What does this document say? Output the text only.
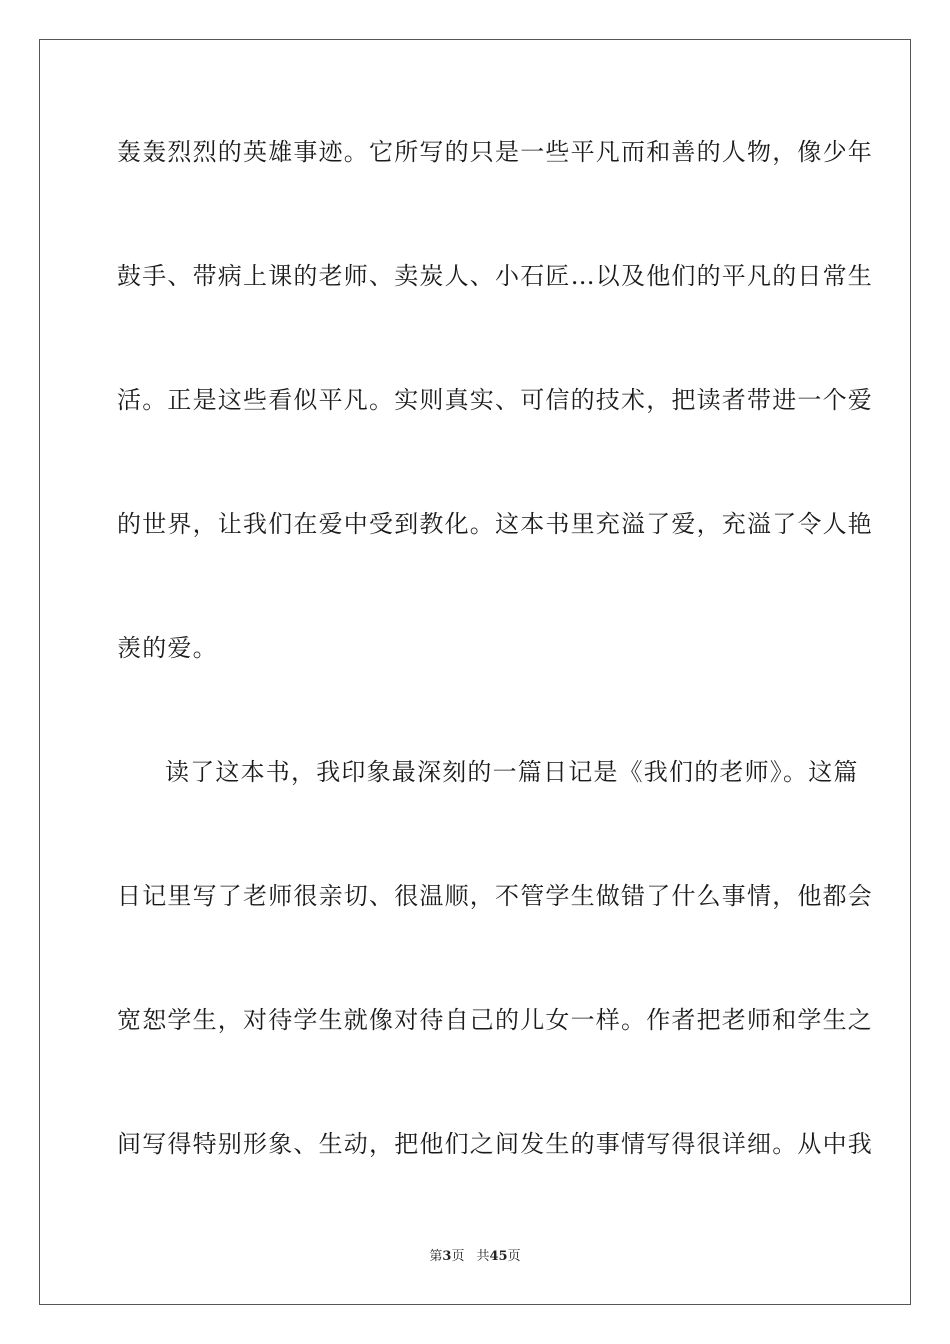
轰轰烈烈的英雄事迹。它所写的只是一些平凡而和善的人物，像少年
鼓手、带病上课的老师、卖炭人、小石匠…以及他们的平凡的日常生
活。正是这些看似平凡。实则真实、可信的技术，把读者带进一个爱
的世界，让我们在爱中受到教化。这本书里充溢了爱，充溢了令人艳
羡的爱。
读了这本书，我印象最深刻的一篇日记是《我们的老师》。这篇
日记里写了老师很亲切、很温顺，不管学生做错了什么事情，他都会
宽恕学生，对待学生就像对待自己的儿女一样。作者把老师和学生之
间写得特别形象、生动，把他们之间发生的事情写得很详细。从中我
第3页 共45页
